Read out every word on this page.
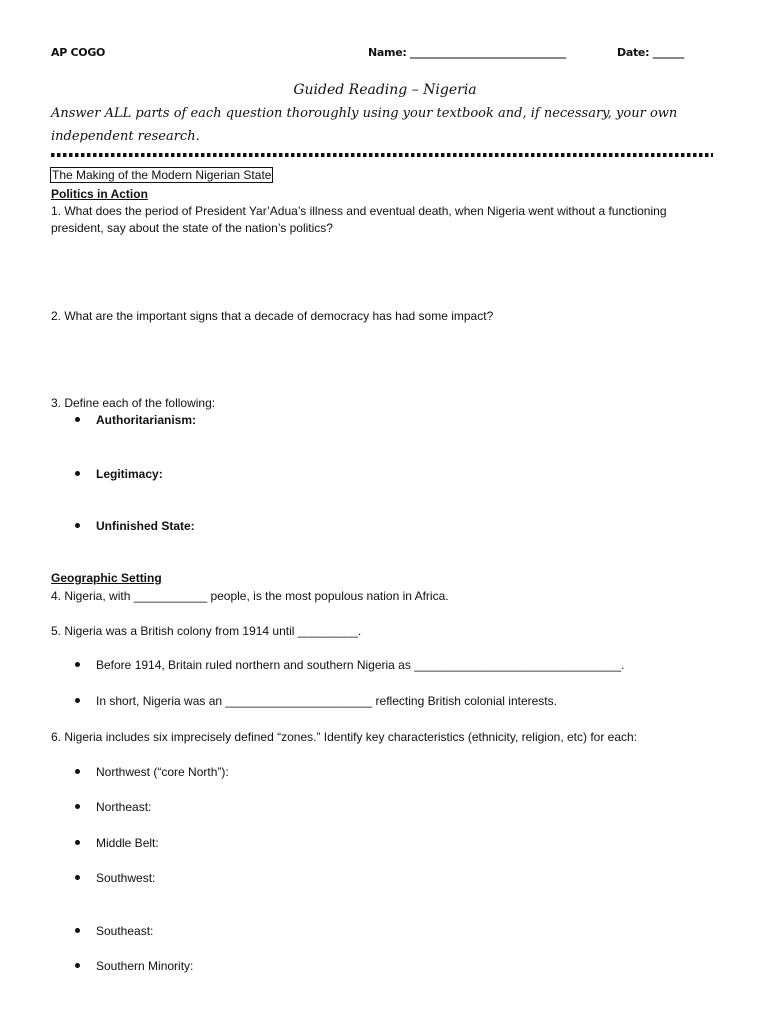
AP COGO	Name: ______________________________	Date: ______
Guided Reading – Nigeria
Answer ALL parts of each question thoroughly using your textbook and, if necessary, your own
independent research.
The Making of the Modern Nigerian State
Politics in Action
1. What does the period of President Yar’Adua’s illness and eventual death, when Nigeria went without a functioning
president, say about the state of the nation’s politics?
2. What are the important signs that a decade of democracy has had some impact?
3. Define each of the following:
Authoritarianism:
Legitimacy:
Unfinished State:
Geographic Setting
4. Nigeria, with ___________ people, is the most populous nation in Africa.
5. Nigeria was a British colony from 1914 until _________.
Before 1914, Britain ruled northern and southern Nigeria as _______________________________.
In short, Nigeria was an ______________________ reflecting British colonial interests.
6. Nigeria includes six imprecisely defined “zones.” Identify key characteristics (ethnicity, religion, etc) for each:
Northwest (“core North”):
Northeast:
Middle Belt:
Southwest:
Southeast:
Southern Minority:
